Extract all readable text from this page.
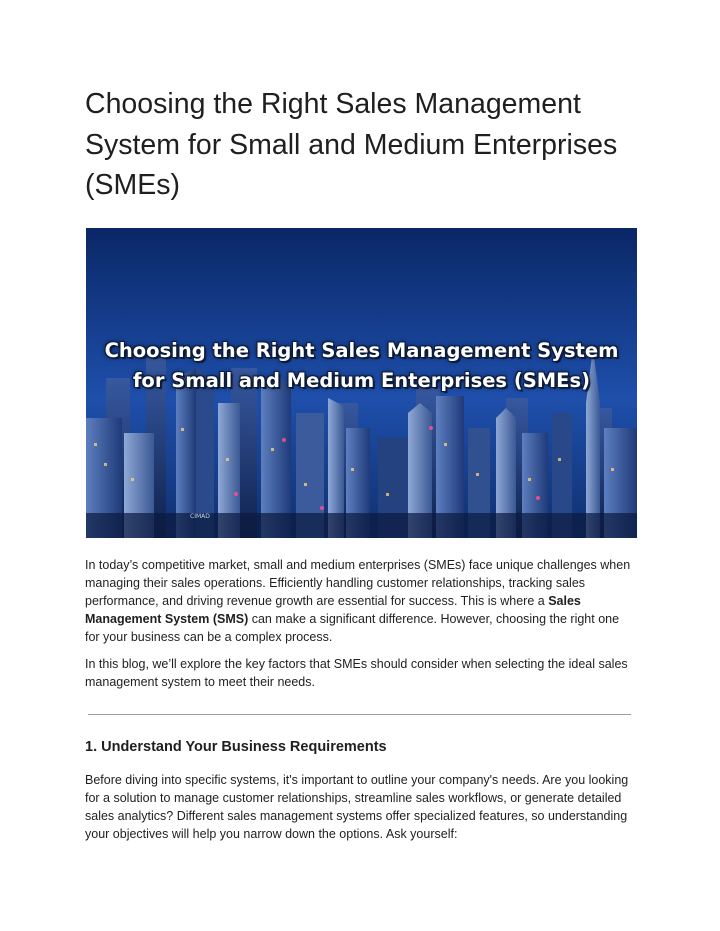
Choosing the Right Sales Management System for Small and Medium Enterprises (SMEs)
CIMAD
Choosing the Right Sales Management System
for Small and Medium Enterprises (SMEs)

In today’s competitive market, small and medium enterprises (SMEs) face unique challenges when managing their sales operations. Efficiently handling customer relationships, tracking sales performance, and driving revenue growth are essential for success. This is where a Sales Management System (SMS) can make a significant difference. However, choosing the right one for your business can be a complex process.

In this blog, we’ll explore the key factors that SMEs should consider when selecting the ideal sales management system to meet their needs.

1. Understand Your Business Requirements

Before diving into specific systems, it's important to outline your company's needs. Are you looking for a solution to manage customer relationships, streamline sales workflows, or generate detailed sales analytics? Different sales management systems offer specialized features, so understanding your objectives will help you narrow down the options. Ask yourself:
